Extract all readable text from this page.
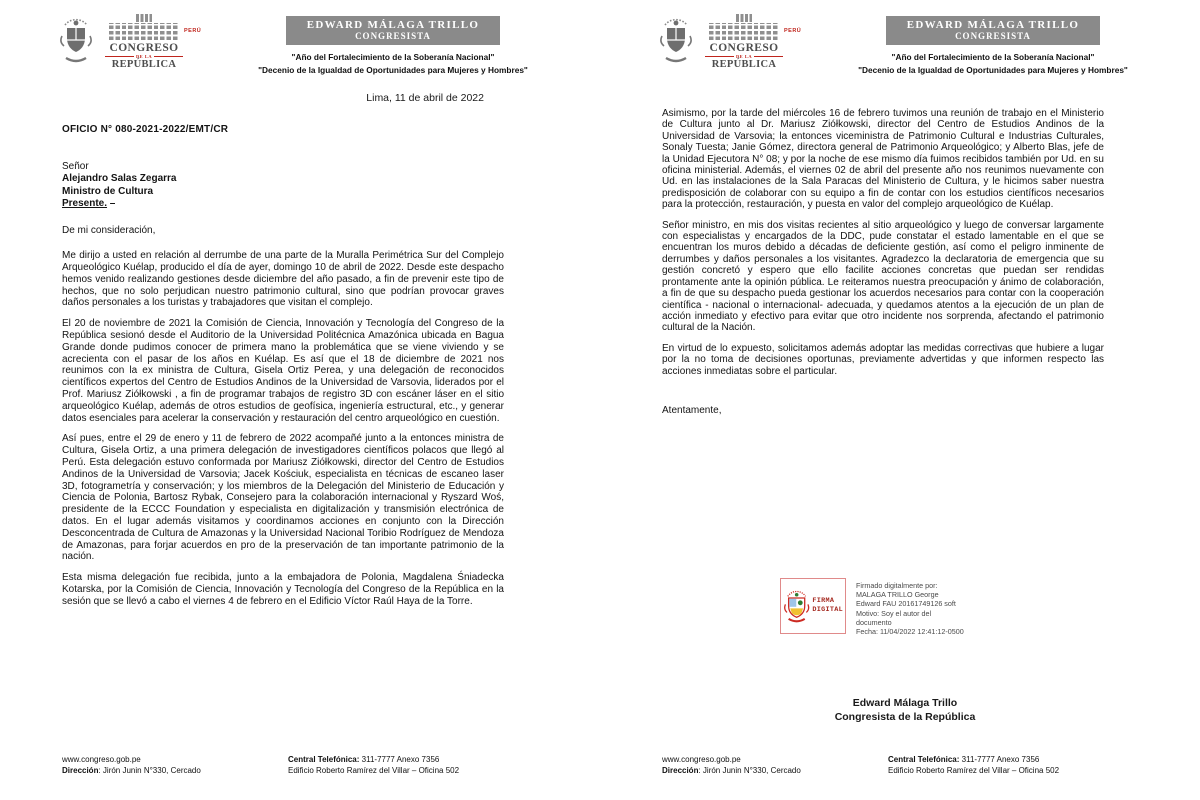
CONGRESO
DE LA
REPÚBLICA
PERÚ	EDWARD MÁLAGA TRILLO
CONGRESISTA
"Año del Fortalecimiento de la Soberanía Nacional"
"Decenio de la Igualdad de Oportunidades para Mujeres y Hombres"
Lima, 11 de abril de 2022

OFICIO N° 080-2021-2022/EMT/CR

Señor
Alejandro Salas Zegarra
Ministro de Cultura
Presente. –

De mi consideración,

Me dirijo a usted en relación al derrumbe de una parte de la Muralla Perimétrica Sur del Complejo Arqueológico Kuélap, producido el día de ayer, domingo 10 de abril de 2022. Desde este despacho hemos venido realizando gestiones desde diciembre del año pasado, a fin de prevenir este tipo de hechos, que no solo perjudican nuestro patrimonio cultural, sino que podrían provocar graves daños personales a los turistas y trabajadores que visitan el complejo.

El 20 de noviembre de 2021 la Comisión de Ciencia, Innovación y Tecnología del Congreso de la República sesionó desde el Auditorio de la Universidad Politécnica Amazónica ubicada en Bagua Grande donde pudimos conocer de primera mano la problemática que se viene viviendo y se acrecienta con el pasar de los años en Kuélap. Es así que el 18 de diciembre de 2021 nos reunimos con la ex ministra de Cultura, Gisela Ortiz Perea, y una delegación de reconocidos científicos expertos del Centro de Estudios Andinos de la Universidad de Varsovia, liderados por el Prof. Mariusz Ziółkowski , a fin de programar trabajos de registro 3D con escáner láser en el sitio arqueológico Kuélap, además de otros estudios de geofísica, ingeniería estructural, etc., y generar datos esenciales para acelerar la conservación y restauración del centro arqueológico en cuestión.

Así pues, entre el 29 de enero y 11 de febrero de 2022 acompañé junto a la entonces ministra de Cultura, Gisela Ortiz, a una primera delegación de investigadores científicos polacos que llegó al Perú. Esta delegación estuvo conformada por Mariusz Ziółkowski, director del Centro de Estudios Andinos de la Universidad de Varsovia; Jacek Kościuk, especialista en técnicas de escaneo laser 3D, fotogrametría y conservación; y los miembros de la Delegación del Ministerio de Educación y Ciencia de Polonia, Bartosz Rybak, Consejero para la colaboración internacional y Ryszard Woś, presidente de la ECCC Foundation y especialista en digitalización y transmisión electrónica de datos. En el lugar además visitamos y coordinamos acciones en conjunto con la Dirección Desconcentrada de Cultura de Amazonas y la Universidad Nacional Toribio Rodríguez de Mendoza de Amazonas, para forjar acuerdos en pro de la preservación de tan importante patrimonio de la nación.

Esta misma delegación fue recibida, junto a la embajadora de Polonia, Magdalena Śniadecka Kotarska, por la Comisión de Ciencia, Innovación y Tecnología del Congreso de la República en la sesión que se llevó a cabo el viernes 4 de febrero en el Edificio Víctor Raúl Haya de la Torre.

www.congreso.gob.pe
Dirección: Jirón Junin N°330, Cercado
Central Telefónica: 311-7777 Anexo 7356
Edificio Roberto Ramírez del Villar – Oficina 502
CONGRESO
DE LA
REPÚBLICA
PERÚ	EDWARD MÁLAGA TRILLO
CONGRESISTA
"Año del Fortalecimiento de la Soberanía Nacional"
"Decenio de la Igualdad de Oportunidades para Mujeres y Hombres"

Asimismo, por la tarde del miércoles 16 de febrero tuvimos una reunión de trabajo en el Ministerio de Cultura junto al Dr. Mariusz Ziółkowski, director del Centro de Estudios Andinos de la Universidad de Varsovia; la entonces viceministra de Patrimonio Cultural e Industrias Culturales, Sonaly Tuesta; Janie Gómez, directora general de Patrimonio Arqueológico; y Alberto Blas, jefe de la Unidad Ejecutora N° 08; y por la noche de ese mismo día fuimos recibidos también por Ud. en su oficina ministerial. Además, el viernes 02 de abril del presente año nos reunimos nuevamente con Ud. en las instalaciones de la Sala Paracas del Ministerio de Cultura, y le hicimos saber nuestra predisposición de colaborar con su equipo a fin de contar con los estudios científicos necesarios para la protección, restauración, y puesta en valor del complejo arqueológico de Kuélap.

Señor ministro, en mis dos visitas recientes al sitio arqueológico y luego de conversar largamente con especialistas y encargados de la DDC, pude constatar el estado lamentable en el que se encuentran los muros debido a décadas de deficiente gestión, así como el peligro inminente de derrumbes y daños personales a los visitantes. Agradezco la declaratoria de emergencia que su gestión concretó y espero que ello facilite acciones concretas que puedan ser rendidas prontamente ante la opinión pública. Le reiteramos nuestra preocupación y ánimo de colaboración, a fin de que su despacho pueda gestionar los acuerdos necesarios para contar con la cooperación científica - nacional o internacional- adecuada, y quedamos atentos a la ejecución de un plan de acción inmediato y efectivo para evitar que otro incidente nos sorprenda, afectando el patrimonio cultural de la Nación.

En virtud de lo expuesto, solicitamos además adoptar las medidas correctivas que hubiere a lugar por la no toma de decisiones oportunas, previamente advertidas y que informen respecto las acciones inmediatas sobre el particular.

Atentamente,

FIRMA
DIGITAL
Firmado digitalmente por:
MALAGA TRILLO George
Edward FAU 20161749126 soft
Motivo: Soy el autor del
documento
Fecha: 11/04/2022 12:41:12-0500
Edward Málaga Trillo
Congresista de la República
www.congreso.gob.pe
Dirección: Jirón Junin N°330, Cercado
Central Telefónica: 311-7777 Anexo 7356
Edificio Roberto Ramírez del Villar – Oficina 502
